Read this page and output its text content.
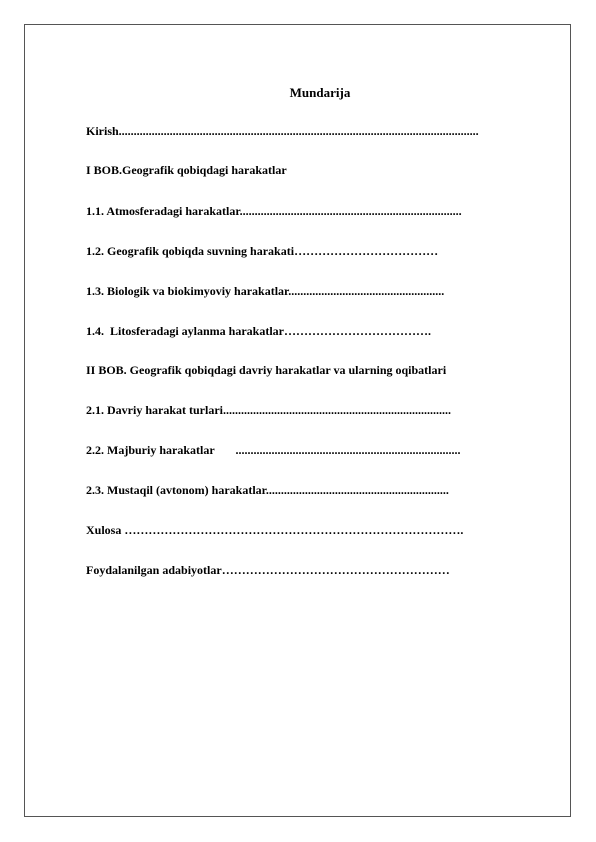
Mundarija
Kirish........................................................................................................................
I BOB.Geografik qobiqdagi harakatlar
1.1. Atmosferadagi harakatlar..........................................................................
1.2. Geografik qobiqda suvning harakati………………………………
1.3. Biologik va biokimyoviy harakatlar....................................................
1.4.  Litosferadagi aylanma harakatlar……………………………….
II BOB. Geografik qobiqdagi davriy harakatlar va ularning oqibatlari
2.1. Davriy harakat turlari............................................................................
2.2. Majburiy harakatlar       ...........................................................................
2.3. Mustaqil (avtonom) harakatlar.............................................................
Xulosa ………………………………………………………………………….
Foydalanilgan adabiyotlar…………………………………………………
